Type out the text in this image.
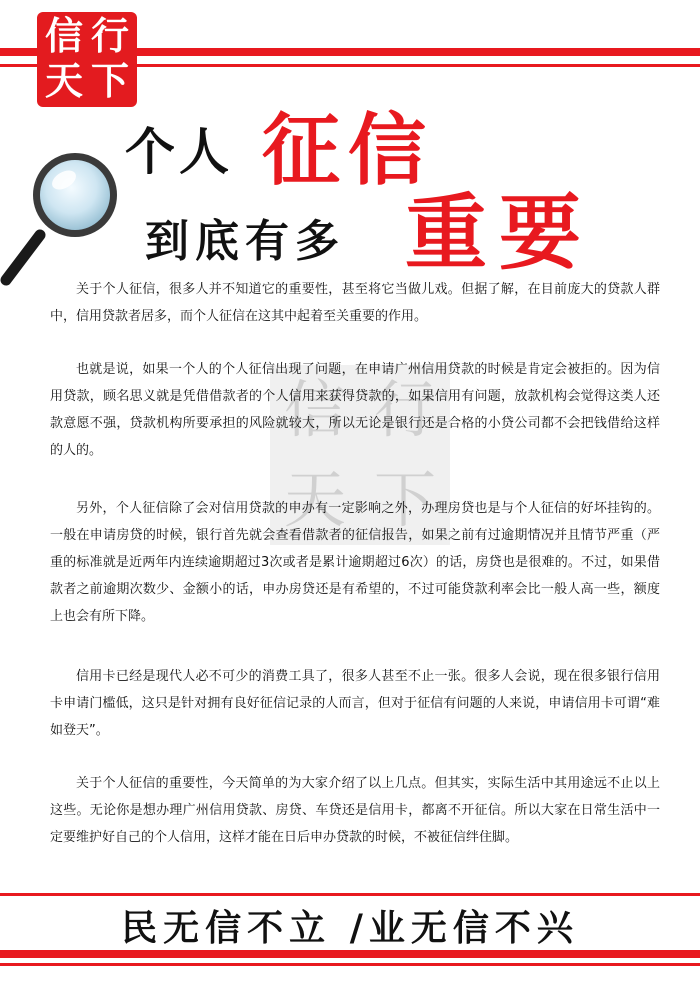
信 行
天 下
个人 征信
到底有多 重要
信 行
天 下

关于个人征信，很多人并不知道它的重要性，甚至将它当做儿戏。但据了解，在目前庞大的贷款人群中，信用贷款者居多，而个人征信在这其中起着至关重要的作用。

也就是说，如果一个人的个人征信出现了问题，在申请广州信用贷款的时候是肯定会被拒的。因为信用贷款，顾名思义就是凭借借款者的个人信用来获得贷款的，如果信用有问题，放款机构会觉得这类人还款意愿不强，贷款机构所要承担的风险就较大，所以无论是银行还是合格的小贷公司都不会把钱借给这样的人的。

另外，个人征信除了会对信用贷款的申办有一定影响之外，办理房贷也是与个人征信的好坏挂钩的。一般在申请房贷的时候，银行首先就会查看借款者的征信报告，如果之前有过逾期情况并且情节严重（严重的标准就是近两年内连续逾期超过3次或者是累计逾期超过6次）的话，房贷也是很难的。不过，如果借款者之前逾期次数少、金额小的话，申办房贷还是有希望的，不过可能贷款利率会比一般人高一些，额度上也会有所下降。

信用卡已经是现代人必不可少的消费工具了，很多人甚至不止一张。很多人会说，现在很多银行信用卡申请门槛低，这只是针对拥有良好征信记录的人而言，但对于征信有问题的人来说，申请信用卡可谓“难如登天”。

关于个人征信的重要性，今天简单的为大家介绍了以上几点。但其实，实际生活中其用途远不止以上这些。无论你是想办理广州信用贷款、房贷、车贷还是信用卡，都离不开征信。所以大家在日常生活中一定要维护好自己的个人信用，这样才能在日后申办贷款的时候，不被征信绊住脚。

民无信不立 /业无信不兴
